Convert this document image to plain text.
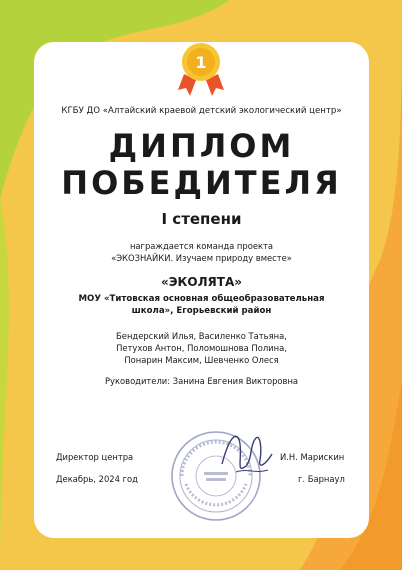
1
КГБУ ДО «Алтайский краевой детский экологический центр»
ДИПЛОМ
ПОБЕДИТЕЛЯ
I степени
награждается команда проекта
«ЭКОЗНАЙКИ. Изучаем природу вместе»
«ЭКОЛЯТА»
МОУ «Титовская основная общеобразовательная
школа», Егорьевский район
Бендерский Илья, Василенко Татьяна,
Петухов Антон, Поломошнова Полина,
Понарин Максим, Шевченко Олеся
Руководители: Занина Евгения Викторовна
Директор центра	И.Н. Марискин
Декабрь, 2024 год	г. Барнаул
